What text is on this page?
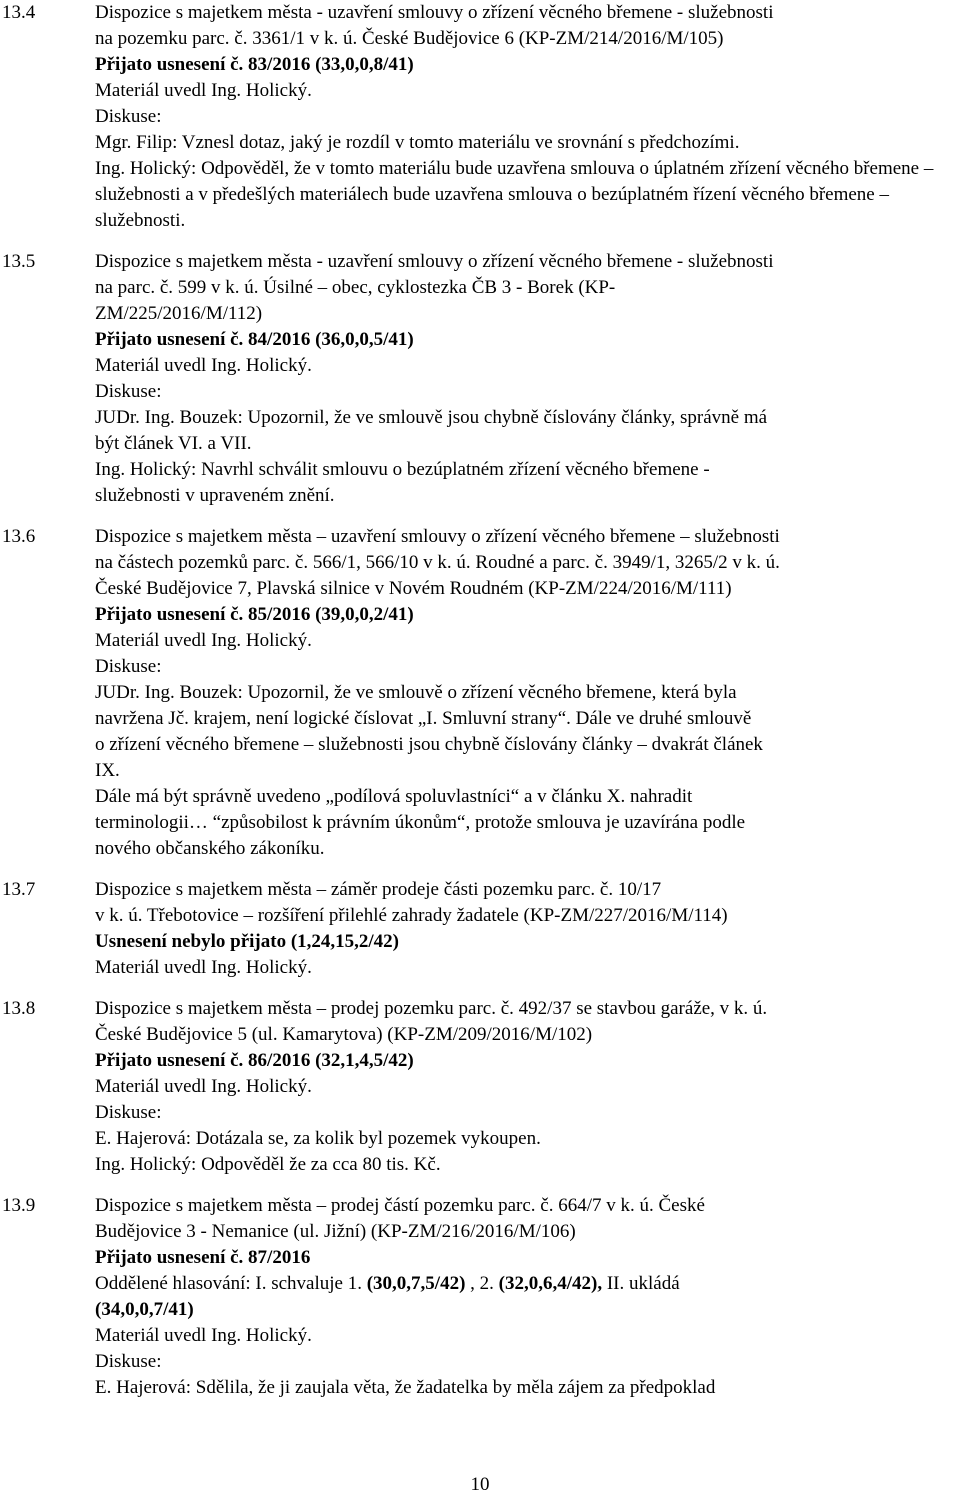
13.4	Dispozice s majetkem města - uzavření smlouvy o zřízení věcného břemene - služebnosti
na pozemku parc. č. 3361/1 v k. ú. České Budějovice 6 (KP-ZM/214/2016/M/105)
Přijato usnesení č. 83/2016 (33,0,0,8/41)
Materiál uvedl Ing. Holický.
Diskuse:
Mgr. Filip: Vznesl dotaz, jaký je rozdíl v tomto materiálu ve srovnání s předchozími.
Ing. Holický: Odpověděl, že v tomto materiálu bude uzavřena smlouva o úplatném zřízení věcného břemene – služebnosti a v předešlých materiálech bude uzavřena smlouva o bezúplatném řízení věcného břemene – služebnosti.
13.5	Dispozice s majetkem města - uzavření smlouvy o zřízení věcného břemene - služebnosti
na parc. č. 599 v k. ú. Úsilné – obec, cyklostezka ČB 3 - Borek (KP-
ZM/225/2016/M/112)
Přijato usnesení č. 84/2016 (36,0,0,5/41)
Materiál uvedl Ing. Holický.
Diskuse:
JUDr. Ing. Bouzek: Upozornil, že ve smlouvě jsou chybně číslovány články, správně má
být článek VI. a VII.
Ing. Holický: Navrhl schválit smlouvu o bezúplatném zřízení věcného břemene -
služebnosti v upraveném znění.
13.6	Dispozice s majetkem města – uzavření smlouvy o zřízení věcného břemene – služebnosti
na částech pozemků parc. č. 566/1, 566/10 v k. ú. Roudné a parc. č. 3949/1, 3265/2 v k. ú.
České Budějovice 7, Plavská silnice v Novém Roudném (KP-ZM/224/2016/M/111)
Přijato usnesení č. 85/2016 (39,0,0,2/41)
Materiál uvedl Ing. Holický.
Diskuse:
JUDr. Ing. Bouzek: Upozornil, že ve smlouvě o zřízení věcného břemene, která byla
navržena Jč. krajem, není logické číslovat „I. Smluvní strany“. Dále ve druhé smlouvě
o zřízení věcného břemene – služebnosti jsou chybně číslovány články – dvakrát článek
IX.
Dále má být správně uvedeno „podílová spoluvlastníci“ a v článku X. nahradit
terminologii… “způsobilost k právním úkonům“, protože smlouva je uzavírána podle
nového občanského zákoníku.
13.7	Dispozice s majetkem města – záměr prodeje části pozemku parc. č. 10/17
v k. ú. Třebotovice – rozšíření přilehlé zahrady žadatele (KP-ZM/227/2016/M/114)
Usnesení nebylo přijato (1,24,15,2/42)
Materiál uvedl Ing. Holický.
13.8	Dispozice s majetkem města – prodej pozemku parc. č. 492/37 se stavbou garáže, v k. ú.
České Budějovice 5 (ul. Kamarytova) (KP-ZM/209/2016/M/102)
Přijato usnesení č. 86/2016 (32,1,4,5/42)
Materiál uvedl Ing. Holický.
Diskuse:
E. Hajerová: Dotázala se, za kolik byl pozemek vykoupen.
Ing. Holický: Odpověděl že za cca 80 tis. Kč.
13.9	Dispozice s majetkem města – prodej částí pozemku parc. č. 664/7 v k. ú. České
Budějovice 3 - Nemanice (ul. Jižní) (KP-ZM/216/2016/M/106)
Přijato usnesení č. 87/2016
Oddělené hlasování: I. schvaluje 1. (30,0,7,5/42) , 2. (32,0,6,4/42), II. ukládá
(34,0,0,7/41)
Materiál uvedl Ing. Holický.
Diskuse:
E. Hajerová: Sdělila, že ji zaujala věta, že žadatelka by měla zájem za předpoklad
10
